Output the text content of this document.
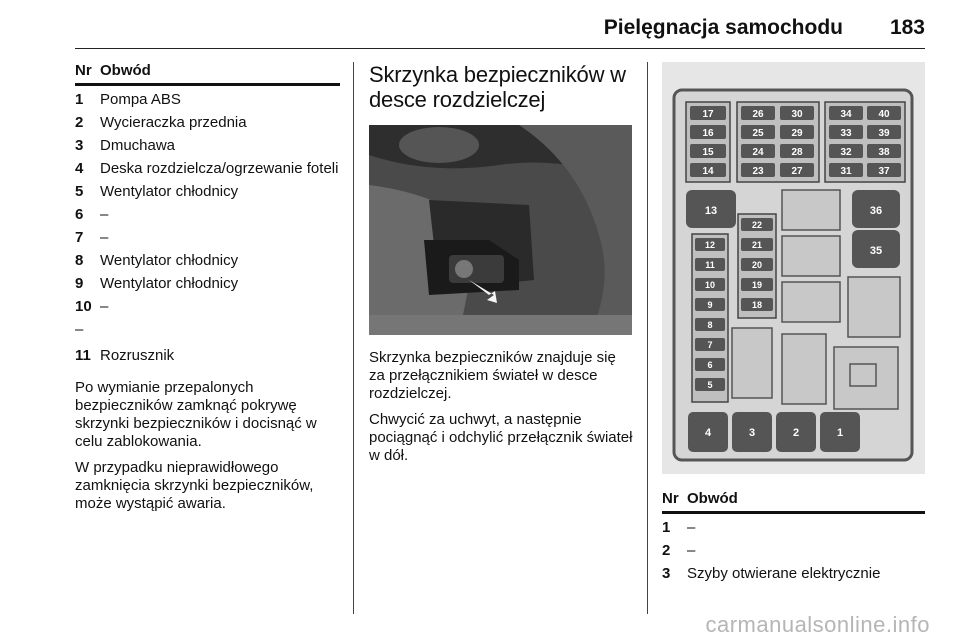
Pielęgnacja samochodu 183
Nr Obwód
1	Pompa ABS
2	Wycieraczka przednia
3	Dmuchawa
4	Deska rozdzielcza/ogrzewanie foteli
5	Wentylator chłodnicy
6	–
7	–
8	Wentylator chłodnicy
9	Wentylator chłodnicy
10 –
–
11 Rozrusznik

Po wymianie przepalonych bezpieczników zamknąć pokrywę skrzynki bezpieczników i docisnąć w celu zablokowania.

W przypadku nieprawidłowego zamknięcia skrzynki bezpieczników, może wystąpić awaria.

Skrzynka bezpieczników w desce rozdzielczej

Skrzynka bezpieczników znajduje się za przełącznikiem świateł w desce rozdzielczej.

Chwycić za uchwyt, a następnie pociągnąć i odchylić przełącznik świateł w dół.

17
16
15
14
26
25
24
23
30
29
28
27
34
33
32
31
40
39
38
37
13	36
35
12
11
10
9
8
7
6
5
22
21
20
19
18
4	3	2	1
Nr Obwód
1	–
2	–
3	Szyby otwierane elektrycznie
carmanualsonline.info
